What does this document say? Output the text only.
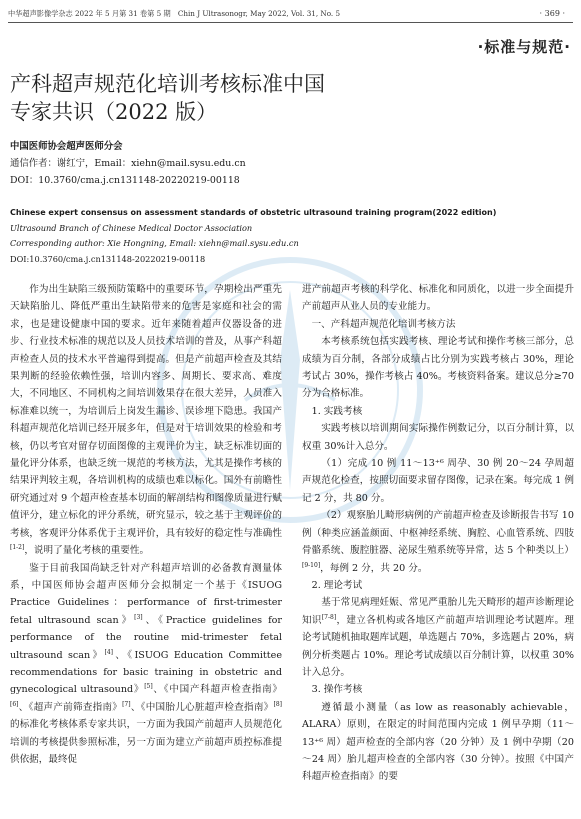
中华超声影像学杂志 2022 年 5 月第 31 卷第 5 期　Chin J Ultrasonogr, May 2022, Vol. 31, No. 5	· 369 ·
·标准与规范·
产科超声规范化培训考核标准中国
专家共识（2022 版）
中国医师协会超声医师分会
通信作者：谢红宁，Email：xiehn@mail.sysu.edu.cn
DOI：10.3760/cma.j.cn131148-20220219-00118
Chinese expert consensus on assessment standards of obstetric ultrasound training program(2022 edition)
Ultrasound Branch of Chinese Medical Doctor Association
Corresponding author: Xie Hongning, Email: xiehn@mail.sysu.edu.cn
DOI:10.3760/cma.j.cn131148-20220219-00118

作为出生缺陷三级预防策略中的重要环节，孕期检出严重先天缺陷胎儿、降低严重出生缺陷带来的危害是家庭和社会的需求，也是建设健康中国的要求。近年来随着超声仪器设备的进步、行业技术标准的规范以及人员技术培训的普及，从事产科超声检查人员的技术水平普遍得到提高。但是产前超声检查及其结果判断的经验依赖性强，培训内容多、周期长、要求高、难度大，不同地区、不同机构之间培训效果存在很大差异，人员准入标准难以统一，为培训后上岗发生漏诊、误诊埋下隐患。我国产科超声规范化培训已经开展多年，但是对于培训效果的检验和考核，仍以考官对留存切面图像的主观评价为主，缺乏标准切面的量化评分体系，也缺乏统一规范的考核方法，尤其是操作考核的结果评判较主观，各培训机构的成绩也难以标化。国外有前瞻性研究通过对 9 个超声检查基本切面的解剖结构和图像质量进行赋值评分，建立标化的评分系统，研究显示，较之基于主观评价的考核，客观评分体系优于主观评价，具有较好的稳定性与准确性[1-2]，说明了量化考核的重要性。

鉴于目前我国尚缺乏针对产科超声培训的必备教育测量体系，中国医师协会超声医师分会拟制定一个基于《ISUOG Practice Guidelines：performance of first-trimester fetal ultrasound scan》[3]、《Practice guidelines for performance of the routine mid-trimester fetal ultrasound scan》[4]、《ISUOG Education Committee recommendations for basic training in obstetric and gynecological ultrasound》[5]、《中国产科超声检查指南》[6]、《超声产前筛查指南》[7]、《中国胎儿心脏超声检查指南》[8]的标准化考核体系专家共识，一方面为我国产前超声人员规范化培训的考核提供参照标准，另一方面为建立产前超声质控标准提供依据，最终促

进产前超声考核的科学化、标准化和同质化，以进一步全面提升产前超声从业人员的专业能力。

一、产科超声规范化培训考核方法

本考核系统包括实践考核、理论考试和操作考核三部分，总成绩为百分制，各部分成绩占比分别为实践考核占 30%，理论考试占 30%，操作考核占 40%。考核资料备案。建议总分≥70 分为合格标准。

1. 实践考核

实践考核以培训期间实际操作例数记分，以百分制计算，以权重 30%计入总分。

（1）完成 10 例 11～13⁺⁶ 周孕、30 例 20～24 孕周超声规范化检查，按照切面要求留存图像，记录在案。每完成 1 例记 2 分，共 80 分。

（2）观察胎儿畸形病例的产前超声检查及诊断报告书写 10 例（种类应涵盖颜面、中枢神经系统、胸腔、心血管系统、四肢骨骼系统、腹腔脏器、泌尿生殖系统等异常，达 5 个种类以上）[9-10]，每例 2 分，共 20 分。

2. 理论考试

基于常见病理妊娠、常见严重胎儿先天畸形的超声诊断理论知识[7-8]，建立各机构或各地区产前超声培训理论考试题库。理论考试随机抽取题库试题，单选题占 70%，多选题占 20%，病例分析类题占 10%。理论考试成绩以百分制计算，以权重 30%计入总分。

3. 操作考核

遵循最小测量（as low as reasonably achievable，ALARA）原则，在限定的时间范围内完成 1 例早孕期（11～13⁺⁶ 周）超声检查的全部内容（20 分钟）及 1 例中孕期（20～24 周）胎儿超声检查的全部内容（30 分钟）。按照《中国产科超声检查指南》的要
